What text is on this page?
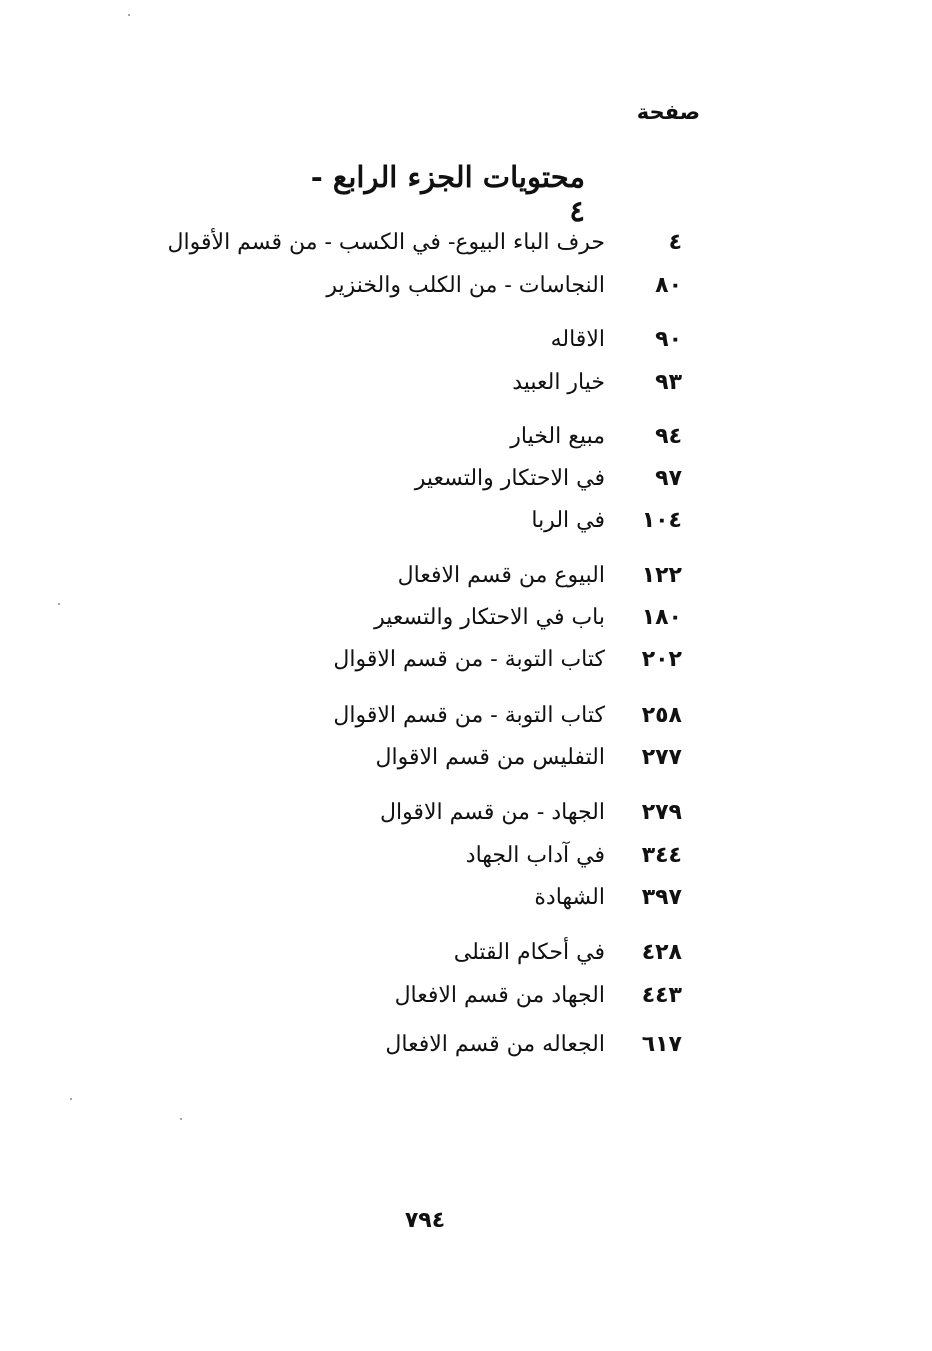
صفحة
محتويات الجزء الرابع - ٤
٤
حرف الباء البيوع- في الكسب - من قسم الأقوال
٨٠
النجاسات - من الكلب والخنزير
٩٠
الاقاله
٩٣
خيار العبيد
٩٤
مبيع الخيار
٩٧
في الاحتكار والتسعير
١٠٤
في الربا
١٢٢
البيوع من قسم الافعال
١٨٠
باب في الاحتكار والتسعير
٢٠٢
كتاب التوبة - من قسم الاقوال
٢٥٨
كتاب التوبة - من قسم الاقوال
٢٧٧
التفليس من قسم الاقوال
٢٧٩
الجهاد - من قسم الاقوال
٣٤٤
في آداب الجهاد
٣٩٧
الشهادة
٤٢٨
في أحكام القتلى
٤٤٣
الجهاد من قسم الافعال
٦١٧
الجعاله من قسم الافعال
٧٩٤
